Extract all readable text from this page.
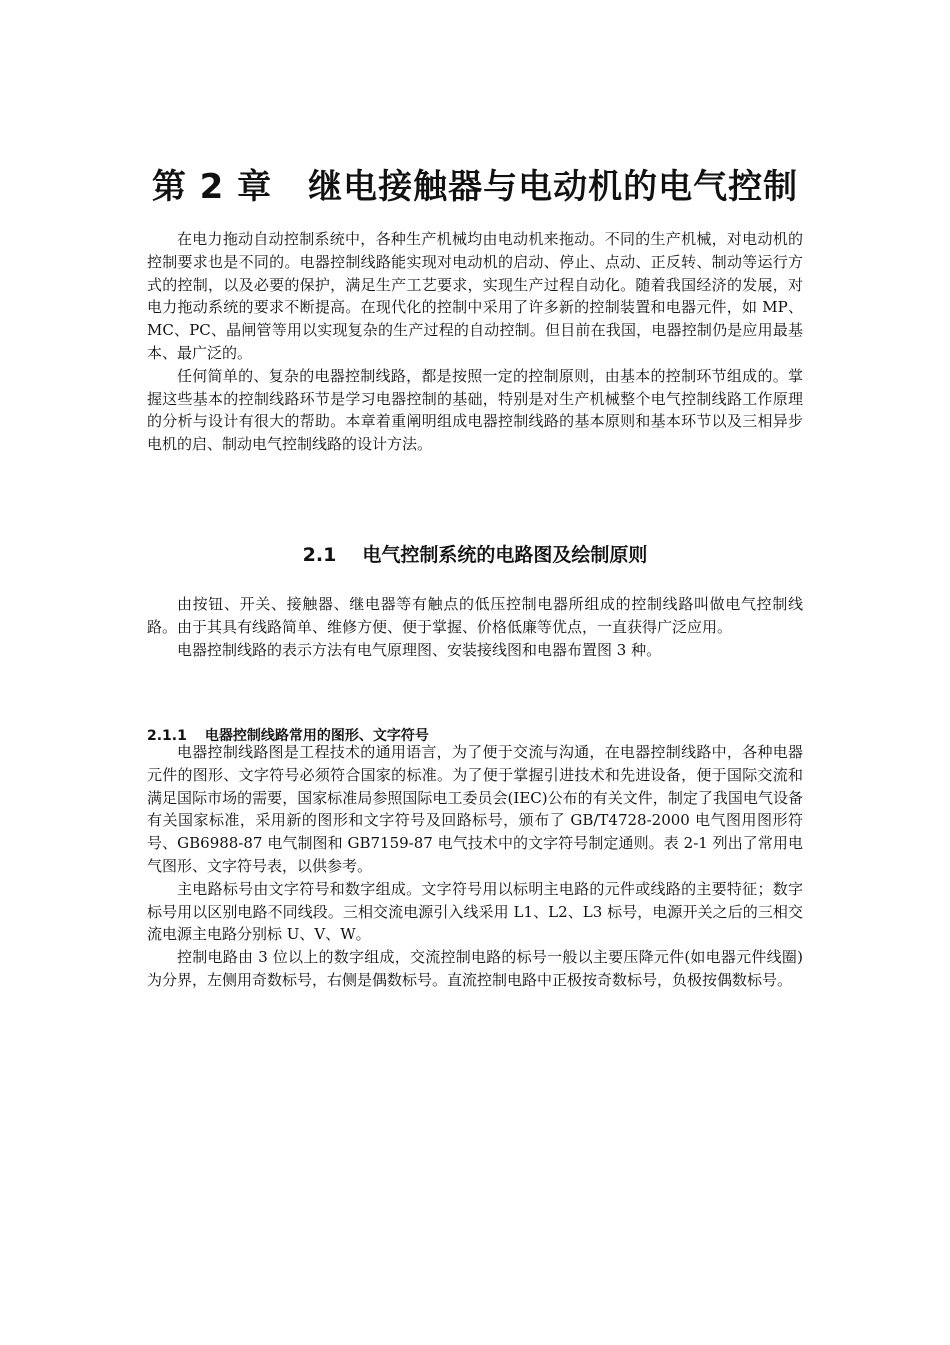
第 2 章 继电接触器与电动机的电气控制

在电力拖动自动控制系统中，各种生产机械均由电动机来拖动。不同的生产机械，对电动机的控制要求也是不同的。电器控制线路能实现对电动机的启动、停止、点动、正反转、制动等运行方式的控制，以及必要的保护，满足生产工艺要求，实现生产过程自动化。随着我国经济的发展，对电力拖动系统的要求不断提高。在现代化的控制中采用了许多新的控制装置和电器元件，如 MP、MC、PC、晶闸管等用以实现复杂的生产过程的自动控制。但目前在我国，电器控制仍是应用最基本、最广泛的。

任何简单的、复杂的电器控制线路，都是按照一定的控制原则，由基本的控制环节组成的。掌握这些基本的控制线路环节是学习电器控制的基础，特别是对生产机械整个电气控制线路工作原理的分析与设计有很大的帮助。本章着重阐明组成电器控制线路的基本原则和基本环节以及三相异步电机的启、制动电气控制线路的设计方法。

2.1 电气控制系统的电路图及绘制原则

由按钮、开关、接触器、继电器等有触点的低压控制电器所组成的控制线路叫做电气控制线路。由于其具有线路简单、维修方便、便于掌握、价格低廉等优点，一直获得广泛应用。

电器控制线路的表示方法有电气原理图、安装接线图和电器布置图 3 种。

2.1.1 电器控制线路常用的图形、文字符号

电器控制线路图是工程技术的通用语言，为了便于交流与沟通，在电器控制线路中，各种电器元件的图形、文字符号必须符合国家的标准。为了便于掌握引进技术和先进设备，便于国际交流和满足国际市场的需要，国家标准局参照国际电工委员会(IEC)公布的有关文件，制定了我国电气设备有关国家标准，采用新的图形和文字符号及回路标号，颁布了 GB/T4728-2000 电气图用图形符号、GB6988-87 电气制图和 GB7159-87 电气技术中的文字符号制定通则。表 2-1 列出了常用电气图形、文字符号表，以供参考。

主电路标号由文字符号和数字组成。文字符号用以标明主电路的元件或线路的主要特征；数字标号用以区别电路不同线段。三相交流电源引入线采用 L1、L2、L3 标号，电源开关之后的三相交流电源主电路分别标 U、V、W。

控制电路由 3 位以上的数字组成，交流控制电路的标号一般以主要压降元件(如电器元件线圈)为分界，左侧用奇数标号，右侧是偶数标号。直流控制电路中正极按奇数标号，负极按偶数标号。
